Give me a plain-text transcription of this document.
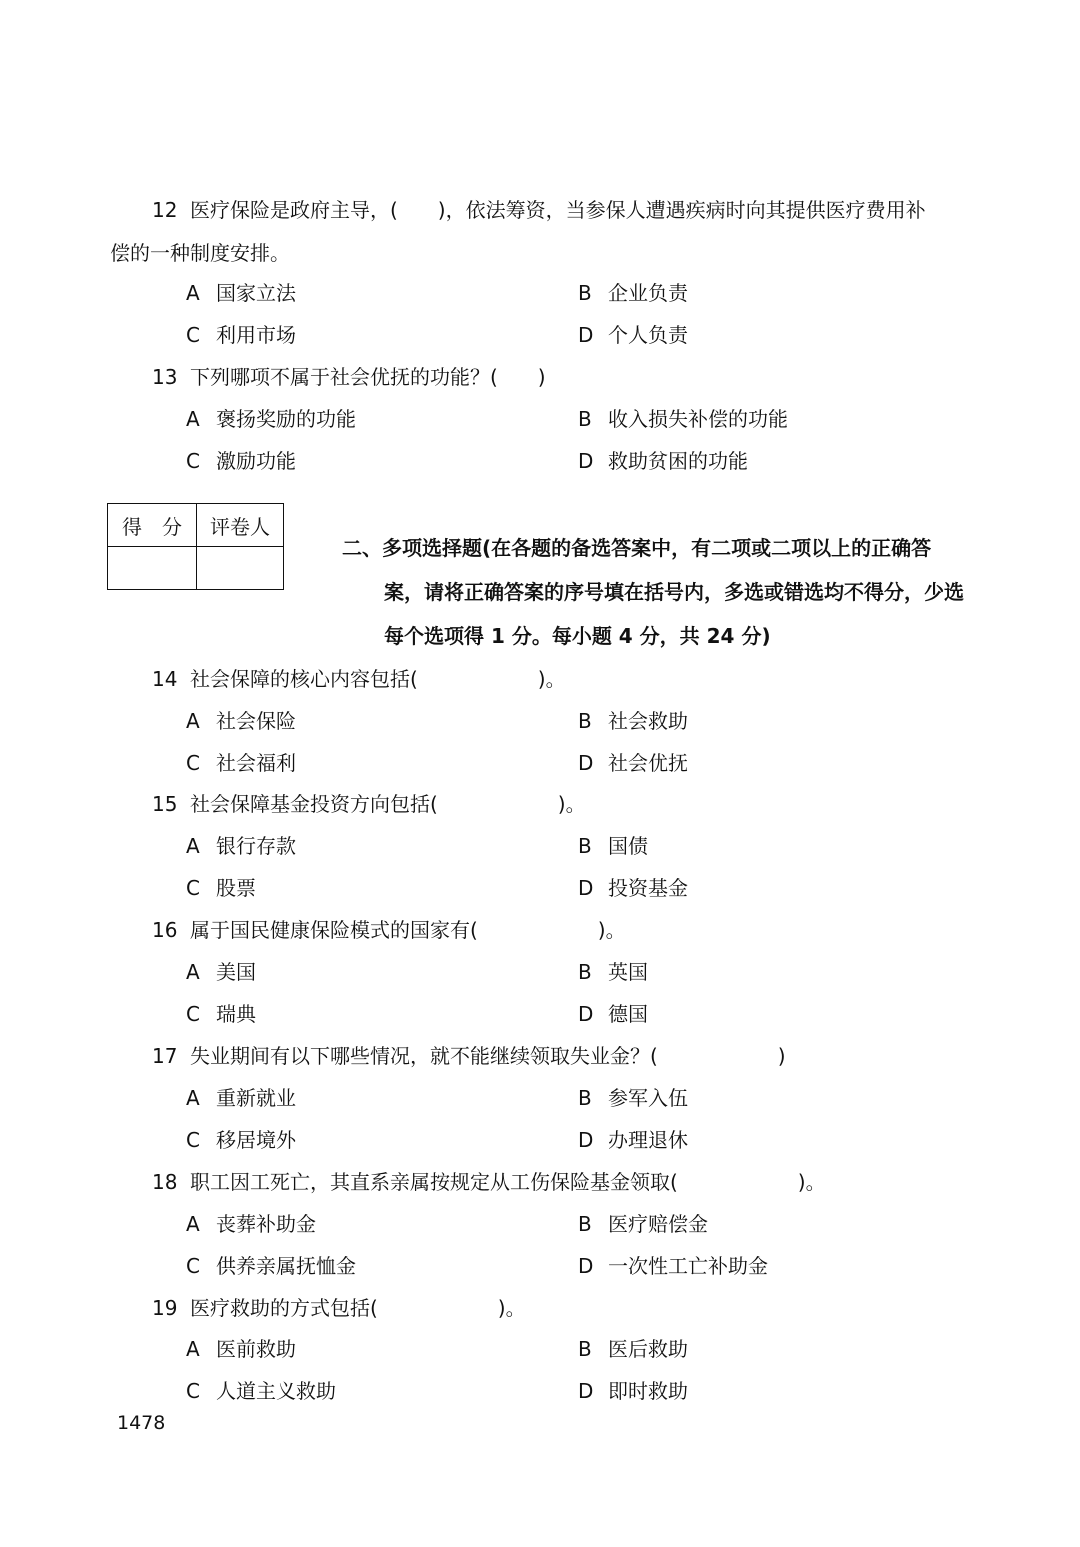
12 医疗保险是政府主导，(　　)，依法筹资，当参保人遭遇疾病时向其提供医疗费用补
偿的一种制度安排。
A 国家立法	B 企业负责
C 利用市场	D 个人负责
13 下列哪项不属于社会优抚的功能？(　　)
A 褒扬奖励的功能	B 收入损失补偿的功能
C 激励功能	D 救助贫困的功能
得　分	评卷人

二、多项选择题(在各题的备选答案中，有二项或二项以上的正确答
案，请将正确答案的序号填在括号内，多选或错选均不得分，少选
每个选项得 1 分。每小题 4 分，共 24 分)
14 社会保障的核心内容包括(　　　　　　)。
A 社会保险	B 社会救助
C 社会福利	D 社会优抚
15 社会保障基金投资方向包括(　　　　　　)。
A 银行存款	B 国债
C 股票	D 投资基金
16 属于国民健康保险模式的国家有(　　　　　　)。
A 美国	B 英国
C 瑞典	D 德国
17 失业期间有以下哪些情况，就不能继续领取失业金？(　　　　　　)
A 重新就业	B 参军入伍
C 移居境外	D 办理退休
18 职工因工死亡，其直系亲属按规定从工伤保险基金领取(　　　　　　)。
A 丧葬补助金	B 医疗赔偿金
C 供养亲属抚恤金	D 一次性工亡补助金
19 医疗救助的方式包括(　　　　　　)。
A 医前救助	B 医后救助
C 人道主义救助	D 即时救助
1478
